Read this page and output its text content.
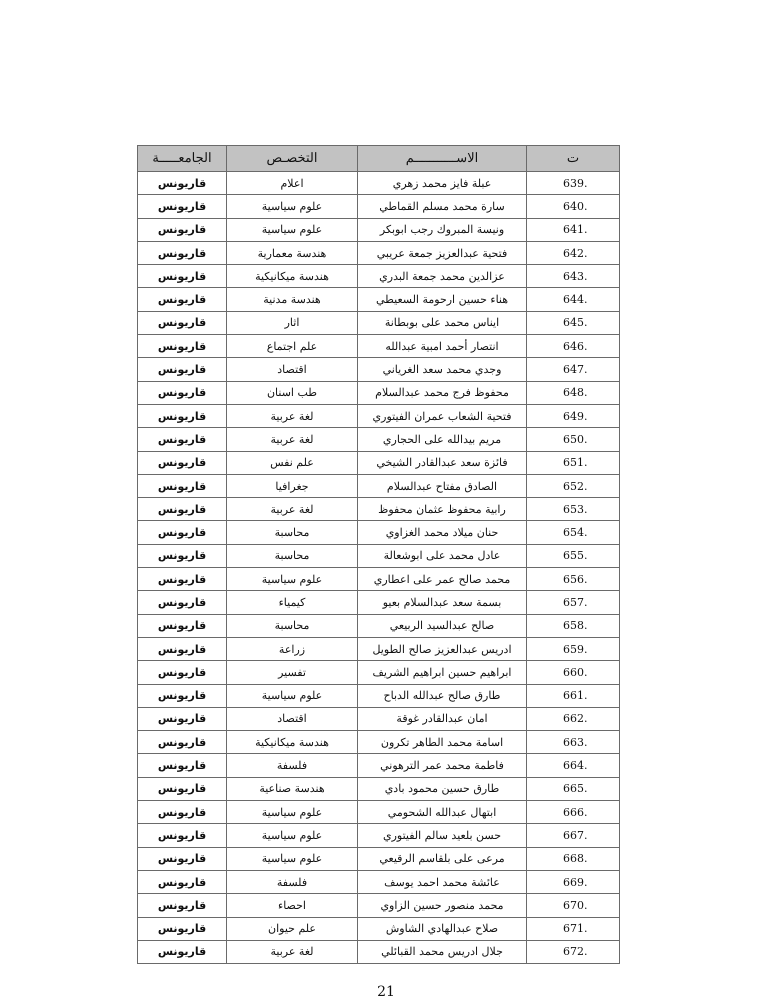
ت	الاســـــــــــم	التخصـص	الجامعـــــة
639.	عبلة فايز محمد زهري	اعلام	قاريونس
640.	سارة محمد مسلم القماطي	علوم سياسية	قاريونس
641.	ونيسة المبروك رجب ابوبكر	علوم سياسية	قاريونس
642.	فتحية عبدالعزيز جمعة عريبي	هندسة معمارية	قاريونس
643.	عزالدين محمد جمعة البدري	هندسة ميكانيكية	قاريونس
644.	هناء حسين ارحومة السعيطي	هندسة مدنية	قاريونس
645.	ايناس محمد على بوبطانة	اثار	قاريونس
646.	انتصار أحمد امبية عبدالله	علم اجتماع	قاريونس
647.	وجدي محمد سعد الغرياني	اقتصاد	قاريونس
648.	محفوظ فرج محمد عبدالسلام	طب اسنان	قاريونس
649.	فتحية الشعاب عمران الفيتوري	لغة عربية	قاريونس
650.	مريم بيدالله على الحجاري	لغة عربية	قاريونس
651.	فائزة سعد عبدالقادر الشيخي	علم نفس	قاريونس
652.	الصادق مفتاح عبدالسلام	جغرافيا	قاريونس
653.	رابية محفوظ عثمان محفوظ	لغة عربية	قاريونس
654.	حنان ميلاد محمد الغزاوي	محاسبة	قاريونس
655.	عادل محمد على ابوشعالة	محاسبة	قاريونس
656.	محمد صالح عمر على اعطاري	علوم سياسية	قاريونس
657.	بسمة سعد عبدالسلام بعيو	كيمياء	قاريونس
658.	صالح عبدالسيد الربيعي	محاسبة	قاريونس
659.	ادريس عبدالعزيز صالح الطويل	زراعة	قاريونس
660.	ابراهيم حسين ابراهيم الشريف	تفسير	قاريونس
661.	طارق صالح عبدالله الدباح	علوم سياسية	قاريونس
662.	امان عبدالقادر غوقة	اقتصاد	قاريونس
663.	اسامة محمد الطاهر تكرون	هندسة ميكانيكية	قاريونس
664.	فاطمة محمد عمر الترهوني	فلسفة	قاريونس
665.	طارق حسين محمود بادي	هندسة صناعية	قاريونس
666.	ابتهال عبدالله الشحومي	علوم سياسية	قاريونس
667.	حسن بلعيد سالم الفيتوري	علوم سياسية	قاريونس
668.	مرعى على بلقاسم الرقيعي	علوم سياسية	قاريونس
669.	عائشة محمد احمد يوسف	فلسفة	قاريونس
670.	محمد منصور حسين الزاوي	احصاء	قاريونس
671.	صلاح عبدالهادي الشاوش	علم حيوان	قاريونس
672.	جلال ادريس محمد القبائلي	لغة عربية	قاريونس
21
